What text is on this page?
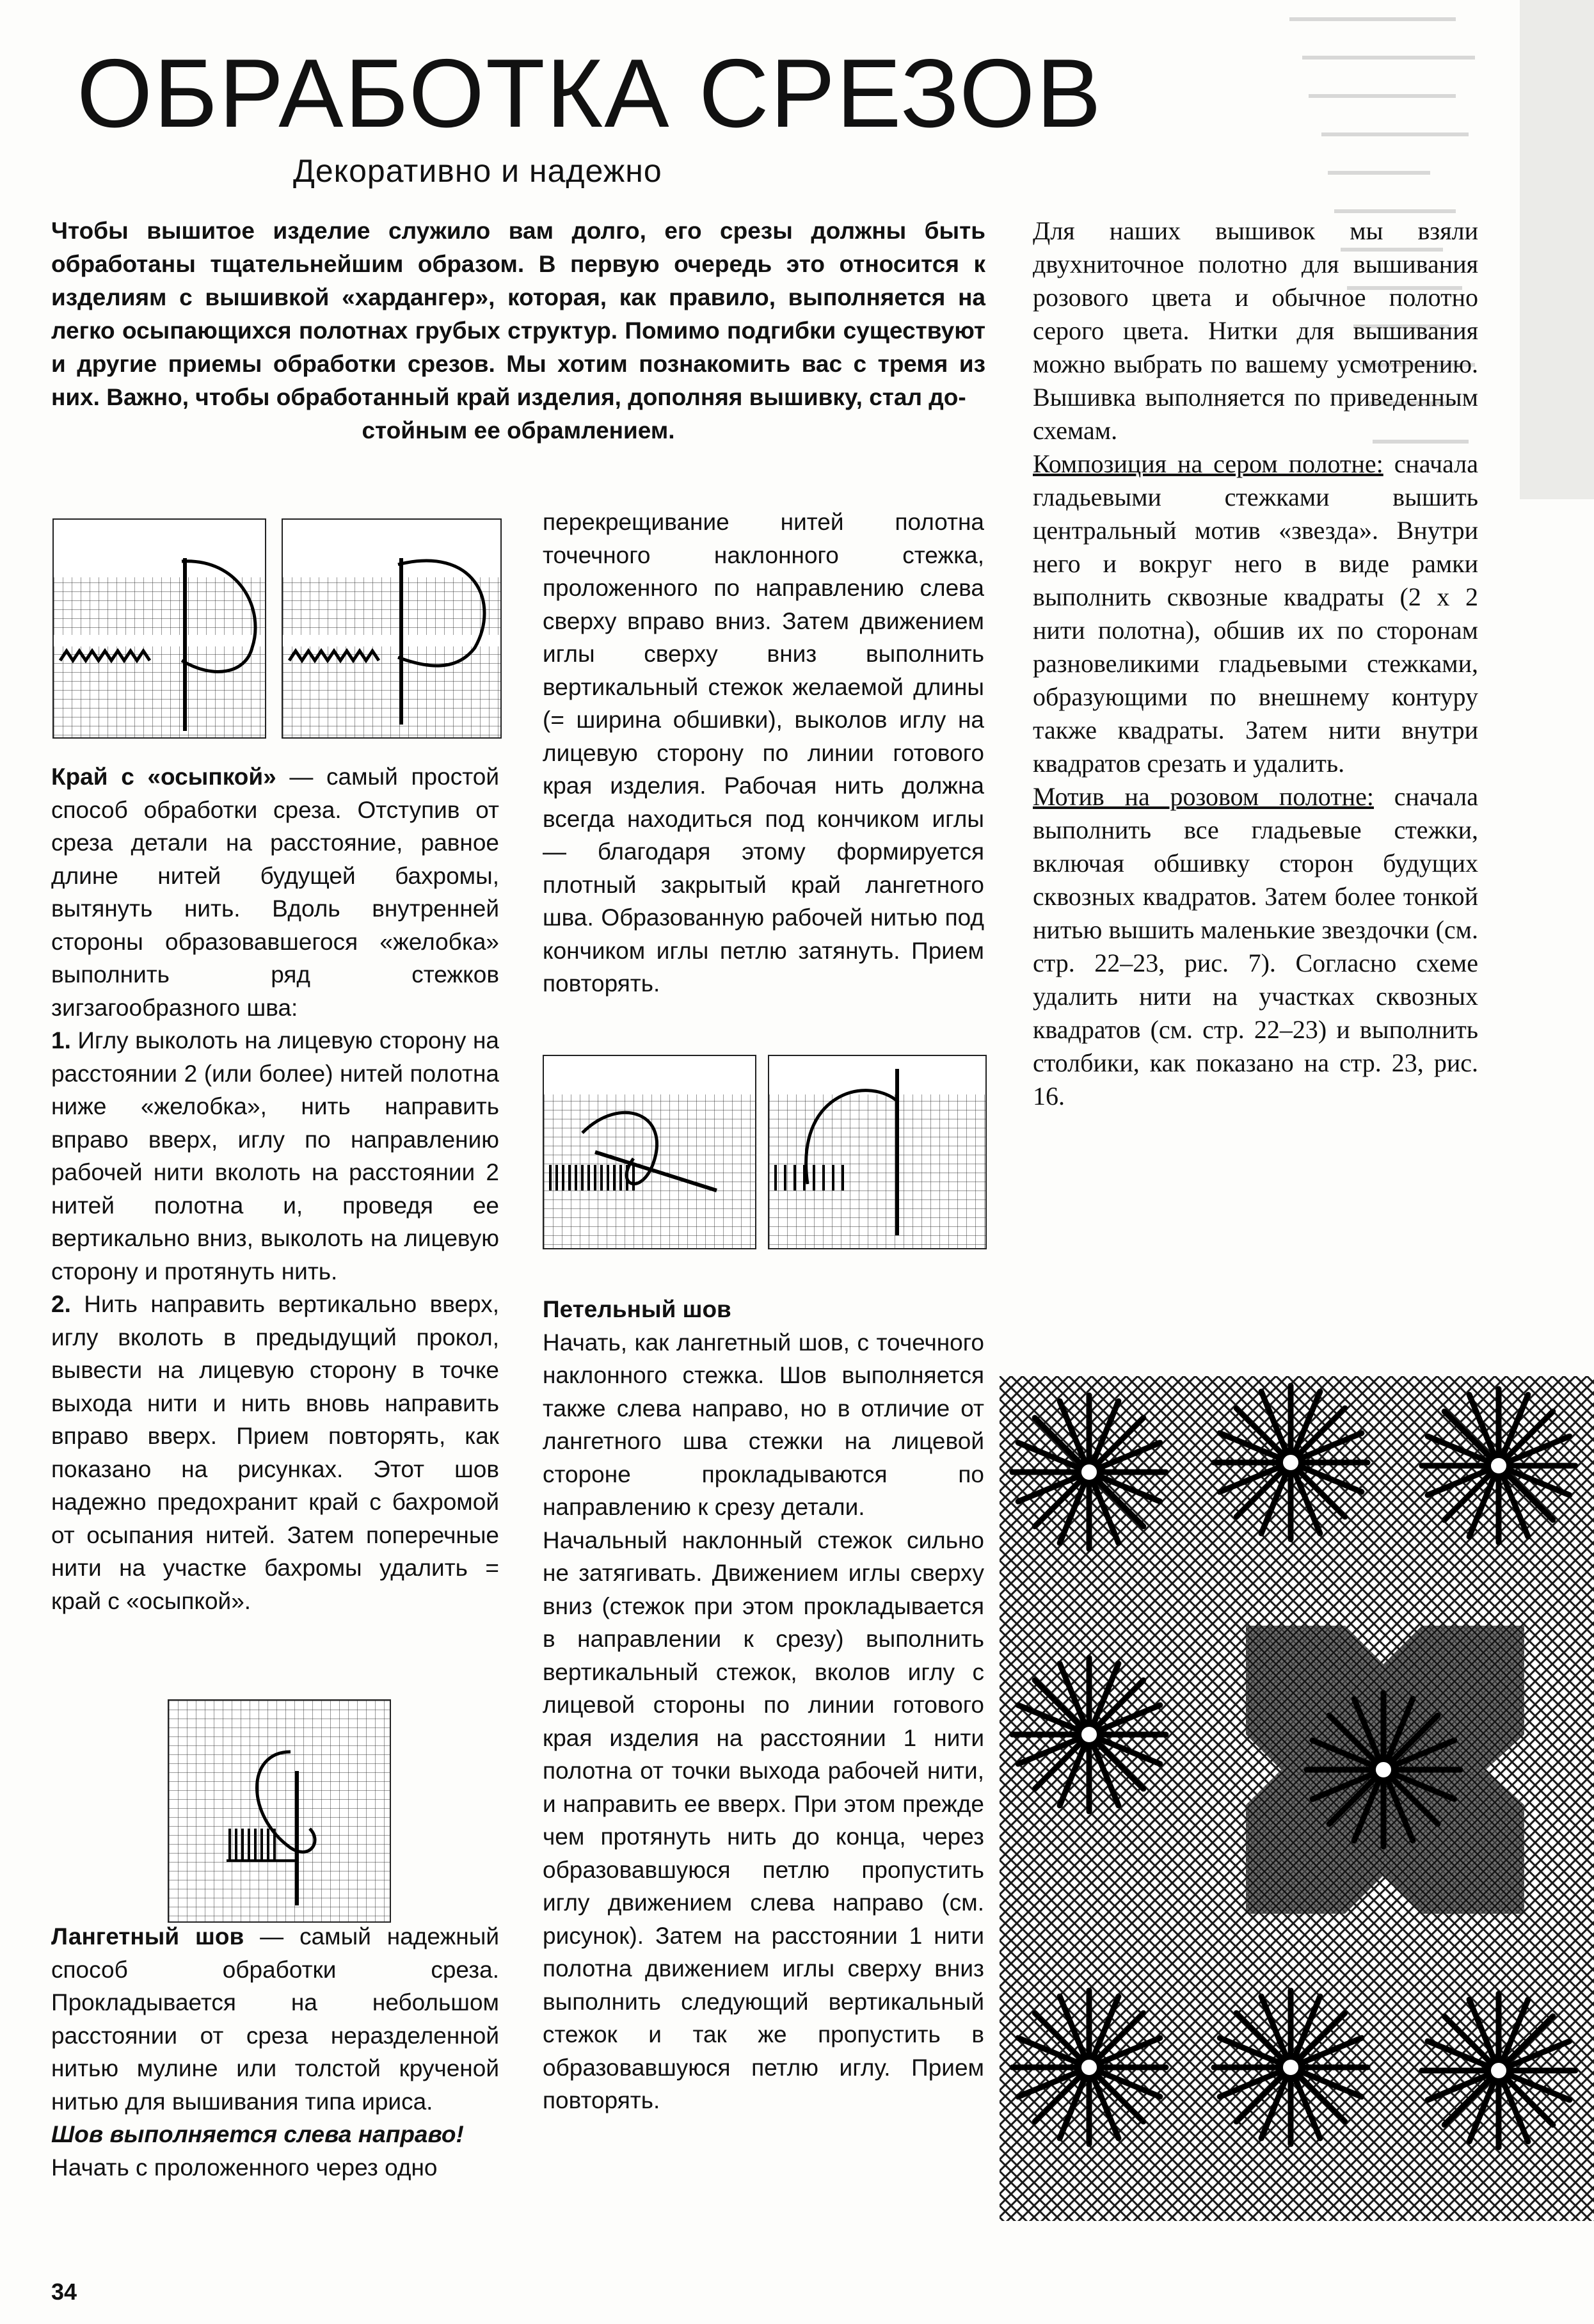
ОБРАБОТКА СРЕЗОВ
Декоративно и надежно
Чтобы вышитое изделие служило вам долго, его срезы должны быть обработаны тщательнейшим образом. В первую очередь это относится к изделиям с вышивкой «хардангер», которая, как правило, выполняется на легко осыпающихся полотнах грубых структур. Помимо подгибки существуют и другие приемы обработки срезов. Мы хотим познакомить вас с тремя из них. Важно, чтобы обработанный край изделия, дополняя вышивку, стал до-
стойным ее обрамлением.

Край с «осыпкой» — самый простой способ обработки среза. Отступив от среза детали на расстояние, равное длине нитей будущей бахромы, вытянуть нить. Вдоль внутренней стороны образовавшегося «желобка» выполнить ряд стежков зигзагообразного шва:

1. Иглу выколоть на лицевую сторону на расстоянии 2 (или более) нитей полотна ниже «желобка», нить направить вправо вверх, иглу по направлению рабочей нити вколоть на расстоянии 2 нитей полотна и, проведя ее вертикально вниз, выколоть на лицевую сторону и протянуть нить.

2. Нить направить вертикально вверх, иглу вколоть в предыдущий прокол, вывести на лицевую сторону в точке выхода нити и нить вновь направить вправо вверх. Прием повторять, как показано на рисунках. Этот шов надежно предохранит край с бахромой от осыпания нитей. Затем поперечные нити на участке бахромы удалить = край с «осыпкой».

Лангетный шов — самый надежный способ обработки среза. Прокладывается на небольшом расстоянии от среза неразделенной нитью мулине или толстой крученой нитью для вышивания типа ириса.

Шов выполняется слева направо!

Начать с проложенного через одно

перекрещивание нитей полотна точечного наклонного стежка, проложенного по направлению слева сверху вправо вниз. Затем движением иглы сверху вниз выполнить вертикальный стежок желаемой длины (= ширина обшивки), выколов иглу на лицевую сторону по линии готового края изделия. Рабочая нить должна всегда находиться под кончиком иглы — благодаря этому формируется плотный закрытый край лангетного шва. Образованную рабочей нитью под кончиком иглы петлю затянуть. Прием повторять.

Петельный шов

Начать, как лангетный шов, с точечного наклонного стежка. Шов выполняется также слева направо, но в отличие от лангетного шва стежки на лицевой стороне прокладываются по направлению к срезу детали.

Начальный наклонный стежок сильно не затягивать. Движением иглы сверху вниз (стежок при этом прокладывается в направлении к срезу) выполнить вертикальный стежок, вколов иглу с лицевой стороны по линии готового края изделия на расстоянии 1 нити полотна от точки выхода рабочей нити, и направить ее вверх. При этом прежде чем протянуть нить до конца, через образовавшуюся петлю пропустить иглу движением слева направо (см. рисунок). Затем на расстоянии 1 нити полотна движением иглы сверху вниз выполнить следующий вертикальный стежок и так же пропустить в образовавшуюся петлю иглу. Прием повторять.

Для наших вышивок мы взяли двухниточное полотно для вышивания розового цвета и обычное полотно серого цвета. Нитки для вышивания можно выбрать по вашему усмотрению. Вышивка выполняется по приведенным схемам.

Композиция на сером полотне: сначала гладьевыми стежками вышить центральный мотив «звезда». Внутри него и вокруг него в виде рамки выполнить сквозные квадраты (2 х 2 нити полотна), обшив их по сторонам разновеликими гладьевыми стежками, образующими по внешнему контуру также квадраты. Затем нити внутри квадратов срезать и удалить.

Мотив на розовом полотне: сначала выполнить все гладьевые стежки, включая обшивку сторон будущих сквозных квадратов. Затем более тонкой нитью вышить маленькие звездочки (см. стр. 22–23, рис. 7). Согласно схеме удалить нити на участках сквозных квадратов (см. стр. 22–23) и выполнить столбики, как показано на стр. 23, рис. 16.

34
